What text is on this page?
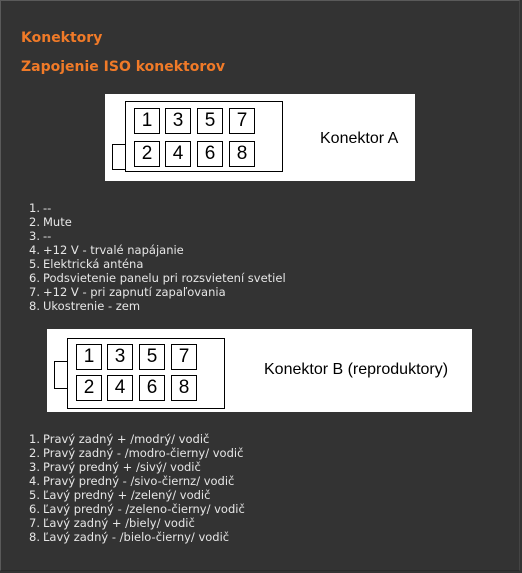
Konektory
Zapojenie ISO konektorov
1	3	5	7
2	4	6	8
Konektor A
1. --
2. Mute
3. --
4. +12 V - trvalé napájanie
5. Elektrická anténa
6. Podsvietenie panelu pri rozsvietení svetiel
7. +12 V - pri zapnutí zapaľovania
8. Ukostrenie - zem
1	3	5	7
2	4	6	8
Konektor B (reproduktory)
1. Pravý zadný + /modrý/ vodič
2. Pravý zadný - /modro-čierny/ vodič
3. Pravý predný + /sivý/ vodič
4. Pravý predný - /sivo-čiernz/ vodič
5. Ľavý predný + /zelený/ vodič
6. Ľavý predný - /zeleno-čierny/ vodič
7. Ľavý zadný + /biely/ vodič
8. Ľavý zadný - /bielo-čierny/ vodič
